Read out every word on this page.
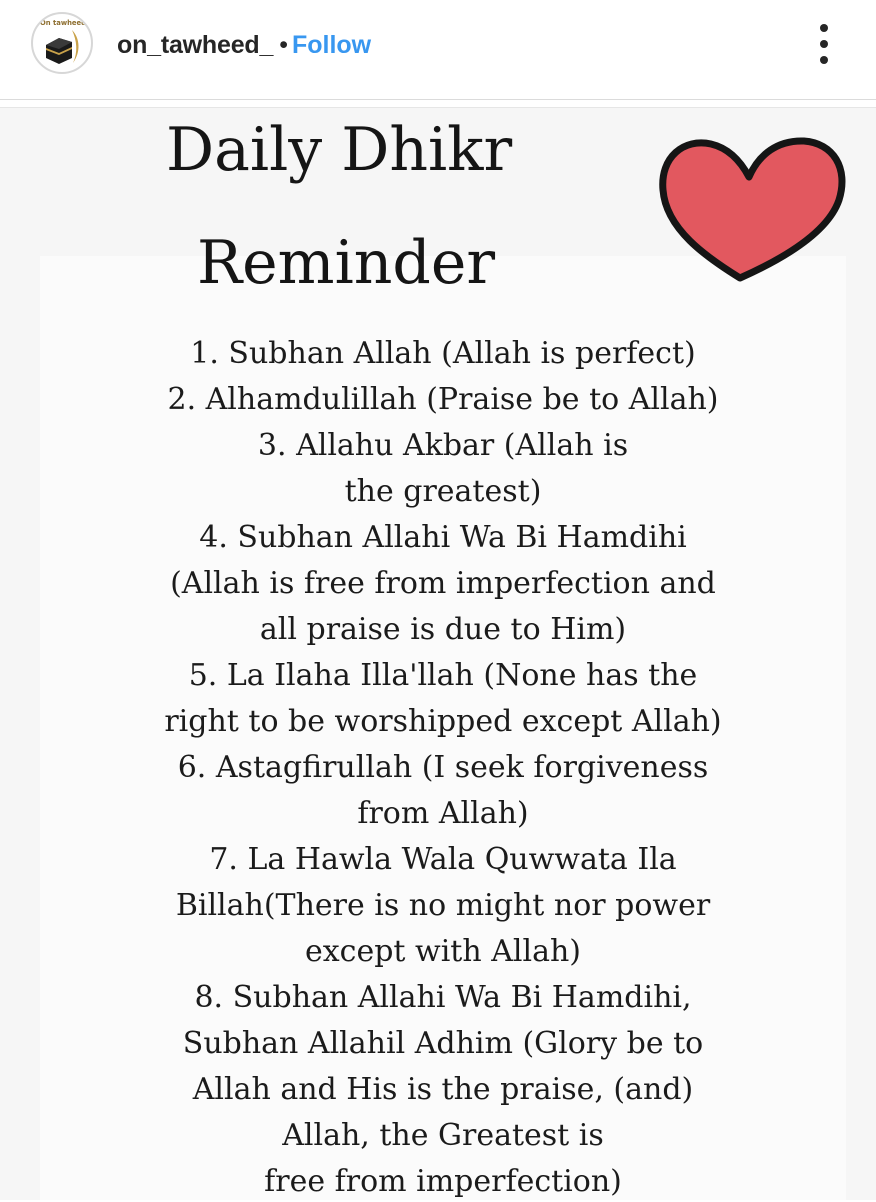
On tawheed
on_tawheed_ • Follow
Daily Dhikr
Reminder
1. Subhan Allah (Allah is perfect)
2. Alhamdulillah (Praise be to Allah)
3. Allahu Akbar (Allah is
the greatest)
4. Subhan Allahi Wa Bi Hamdihi
(Allah is free from imperfection and
all praise is due to Him)
5. La Ilaha Illa'llah (None has the
right to be worshipped except Allah)
6. Astagfirullah (I seek forgiveness
from Allah)
7. La Hawla Wala Quwwata Ila
Billah(There is no might nor power
except with Allah)
8. Subhan Allahi Wa Bi Hamdihi,
Subhan Allahil Adhim (Glory be to
Allah and His is the praise, (and)
Allah, the Greatest is
free from imperfection)
